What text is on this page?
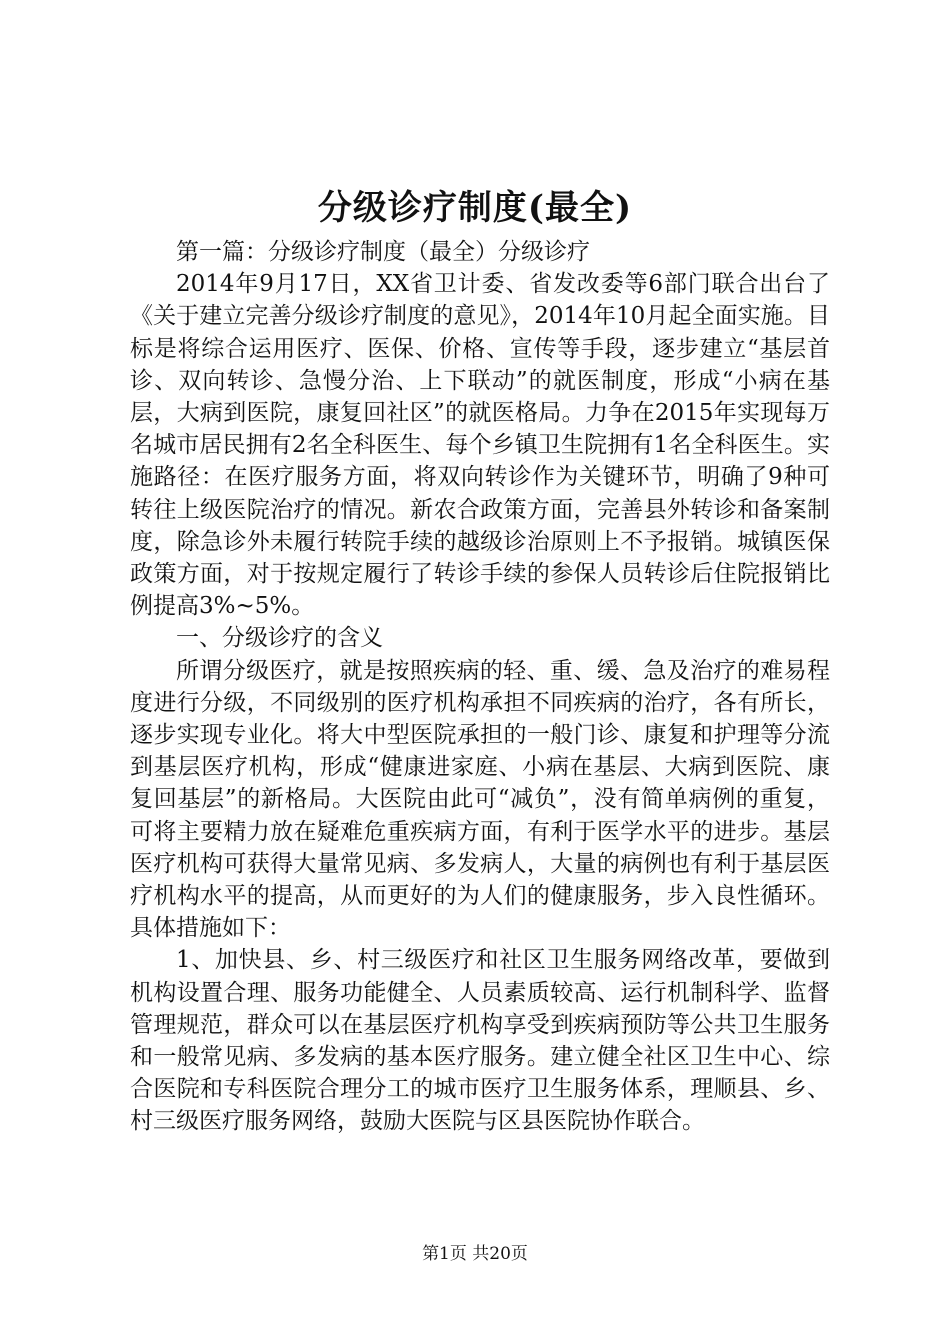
分级诊疗制度(最全)

第一篇：分级诊疗制度（最全）分级诊疗

2014年9月17日，XX省卫计委、省发改委等6部门联合出台了《关于建立完善分级诊疗制度的意见》，2014年10月起全面实施。目标是将综合运用医疗、医保、价格、宣传等手段，逐步建立“基层首诊、双向转诊、急慢分治、上下联动”的就医制度，形成“小病在基层，大病到医院，康复回社区”的就医格局。力争在2015年实现每万名城市居民拥有2名全科医生、每个乡镇卫生院拥有1名全科医生。实施路径：在医疗服务方面，将双向转诊作为关键环节，明确了9种可转往上级医院治疗的情况。新农合政策方面，完善县外转诊和备案制度，除急诊外未履行转院手续的越级诊治原则上不予报销。城镇医保政策方面，对于按规定履行了转诊手续的参保人员转诊后住院报销比例提高3%~5%。

一、分级诊疗的含义

所谓分级医疗，就是按照疾病的轻、重、缓、急及治疗的难易程度进行分级，不同级别的医疗机构承担不同疾病的治疗，各有所长，逐步实现专业化。将大中型医院承担的一般门诊、康复和护理等分流到基层医疗机构，形成“健康进家庭、小病在基层、大病到医院、康复回基层”的新格局。大医院由此可“减负”，没有简单病例的重复，可将主要精力放在疑难危重疾病方面，有利于医学水平的进步。基层医疗机构可获得大量常见病、多发病人，大量的病例也有利于基层医疗机构水平的提高，从而更好的为人们的健康服务，步入良性循环。具体措施如下：

1、加快县、乡、村三级医疗和社区卫生服务网络改革，要做到机构设置合理、服务功能健全、人员素质较高、运行机制科学、监督管理规范，群众可以在基层医疗机构享受到疾病预防等公共卫生服务和一般常见病、多发病的基本医疗服务。建立健全社区卫生中心、综合医院和专科医院合理分工的城市医疗卫生服务体系，理顺县、乡、村三级医疗服务网络，鼓励大医院与区县医院协作联合。

第1页 共20页
